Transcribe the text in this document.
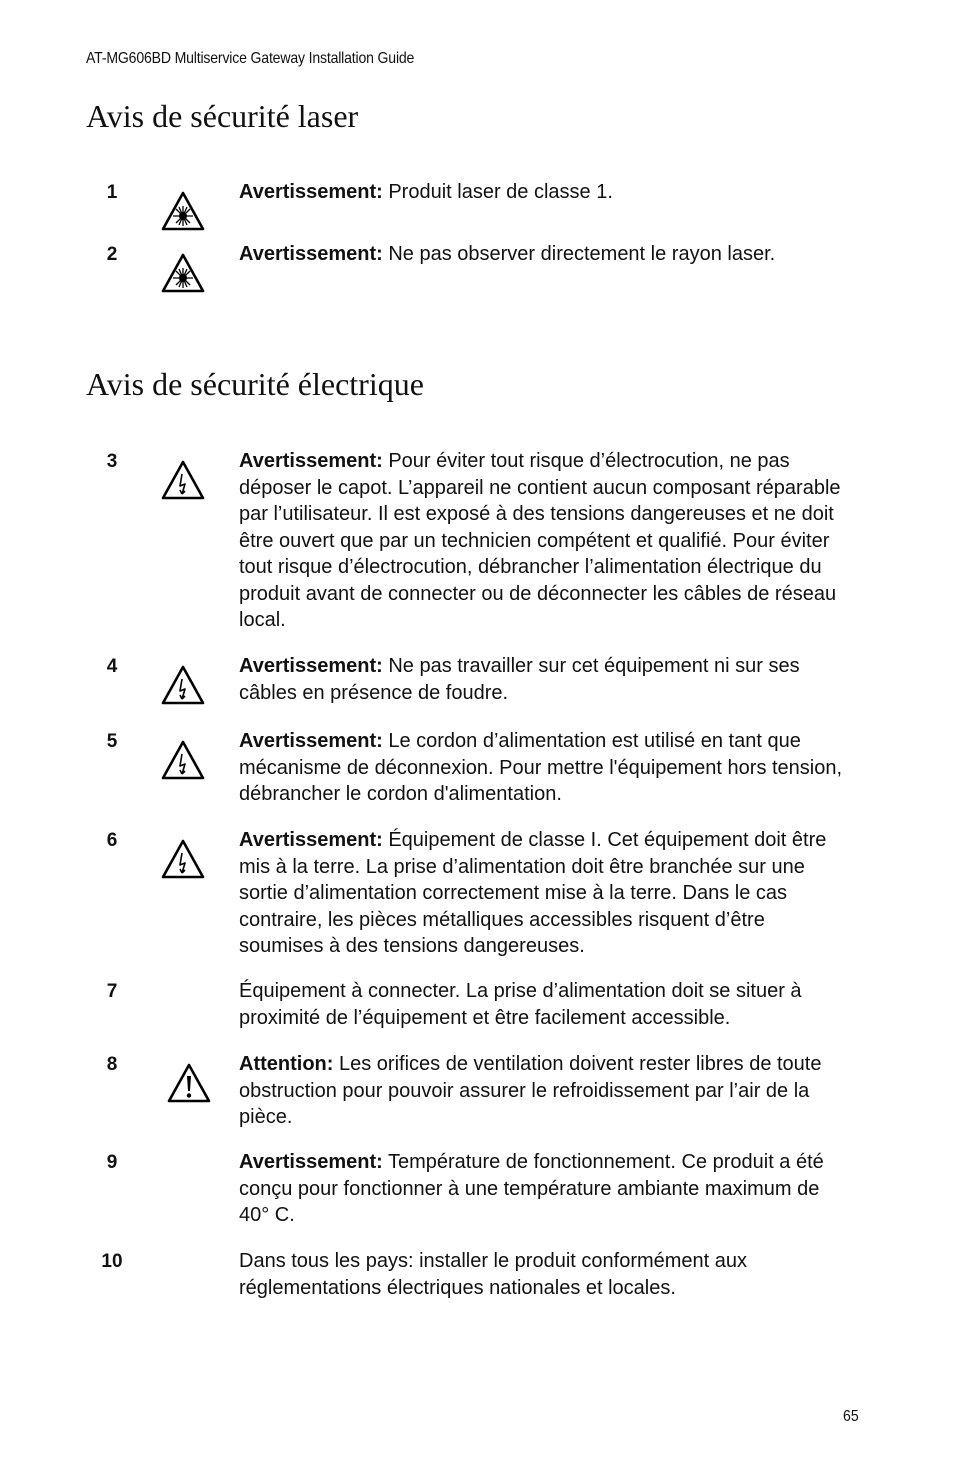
AT-MG606BD Multiservice Gateway Installation Guide
Avis de sécurité laser
1	Avertissement: Produit laser de classe 1.
2	Avertissement: Ne pas observer directement le rayon laser.
Avis de sécurité électrique
3	Avertissement: Pour éviter tout risque d’électrocution, ne pas déposer le capot. L’appareil ne contient aucun composant réparable par l’utilisateur. Il est exposé à des tensions dangereuses et ne doit être ouvert que par un technicien compétent et qualifié. Pour éviter tout risque d’électrocution, débrancher l’alimentation électrique du produit avant de connecter ou de déconnecter les câbles de réseau local.
4	Avertissement: Ne pas travailler sur cet équipement ni sur ses câbles en présence de foudre.
5	Avertissement: Le cordon d’alimentation est utilisé en tant que mécanisme de déconnexion. Pour mettre l'équipement hors tension, débrancher le cordon d'alimentation.
6	Avertissement: Équipement de classe I. Cet équipement doit être mis à la terre. La prise d’alimentation doit être branchée sur une sortie d’alimentation correctement mise à la terre. Dans le cas contraire, les pièces métalliques accessibles risquent d’être soumises à des tensions dangereuses.
7	Équipement à connecter. La prise d’alimentation doit se situer à proximité de l’équipement et être facilement accessible.
8	Attention: Les orifices de ventilation doivent rester libres de toute obstruction pour pouvoir assurer le refroidissement par l’air de la pièce.
9	Avertissement: Température de fonctionnement. Ce produit a été conçu pour fonctionner à une température ambiante maximum de 40° C.
10	Dans tous les pays: installer le produit conformément aux réglementations électriques nationales et locales.
65
